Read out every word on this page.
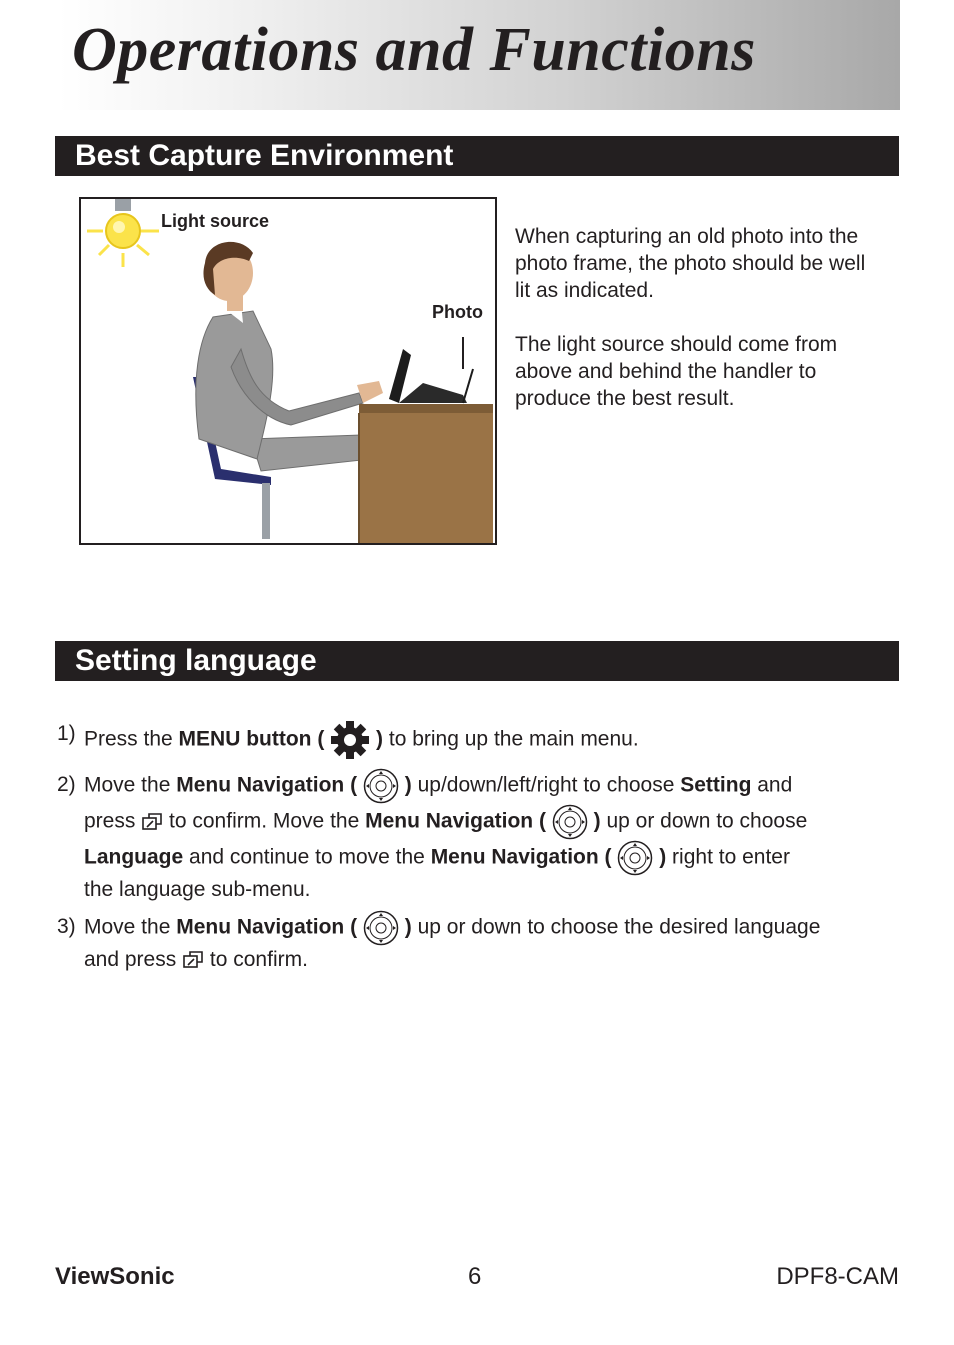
Operations and Functions
Best Capture Environment
Light source
Photo

When capturing an old photo into the photo frame, the photo should be well lit as indicated.

The light source should come from above and behind the handler to produce the best result.

Setting language
1) Press the MENU button ( ) to bring up the main menu.
2) Move the Menu Navigation ( ) up/down/left/right to choose Setting and
press  to confirm. Move the Menu Navigation ( ) up or down to choose
Language and continue to move the Menu Navigation ( ) right to enter
the language sub-menu.
3) Move the Menu Navigation ( ) up or down to choose the desired language
and press  to confirm.
ViewSonic	6	DPF8-CAM
